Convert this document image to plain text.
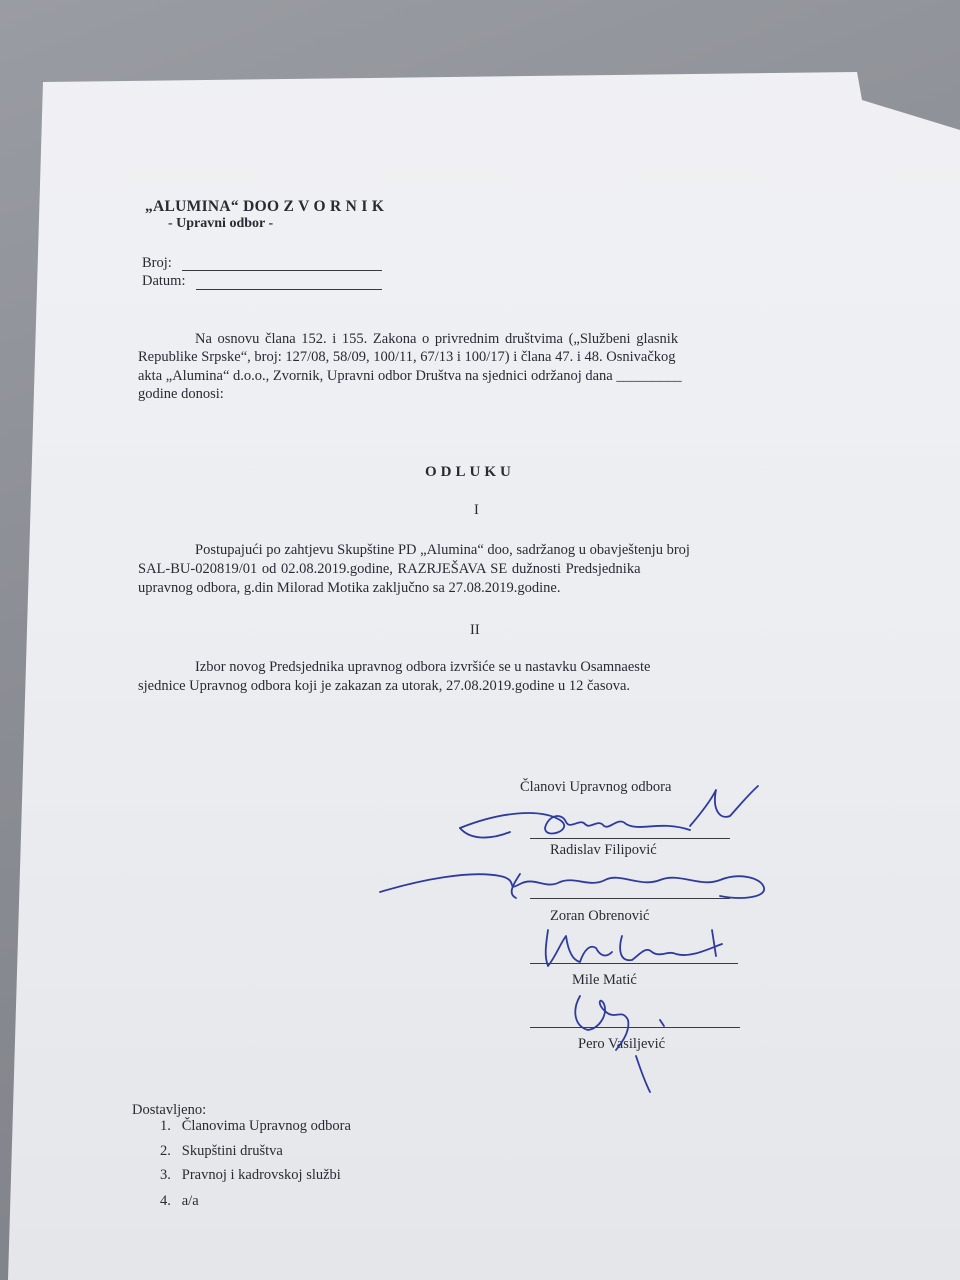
„ALUMINA“ DOO Z V O R N I K
- Upravni odbor -
Broj:
Datum:
Na osnovu člana 152. i 155. Zakona o privrednim društvima („Službeni glasnik
Republike Srpske“, broj: 127/08, 58/09, 100/11, 67/13 i 100/17) i člana 47. i 48. Osnivačkog
akta „Alumina“ d.o.o., Zvornik, Upravni odbor Društva na sjednici održanoj dana _________
godine donosi:
ODLUKU
I
Postupajući po zahtjevu Skupštine PD „Alumina“ doo, sadržanog u obavještenju broj
SAL-BU-020819/01 od 02.08.2019.godine, RAZRJEŠAVA SE dužnosti Predsjednika
upravnog odbora, g.din Milorad Motika zaključno sa 27.08.2019.godine.
II
Izbor novog Predsjednika upravnog odbora izvršiće se u nastavku Osamnaeste
sjednice Upravnog odbora koji je zakazan za utorak, 27.08.2019.godine u 12 časova.
Članovi Upravnog odbora
Radislav Filipović
Zoran Obrenović
Mile Matić
Pero Vasiljević
Dostavljeno:
1.   Članovima Upravnog odbora
2.   Skupštini društva
3.   Pravnoj i kadrovskoj službi
4.   a/a
